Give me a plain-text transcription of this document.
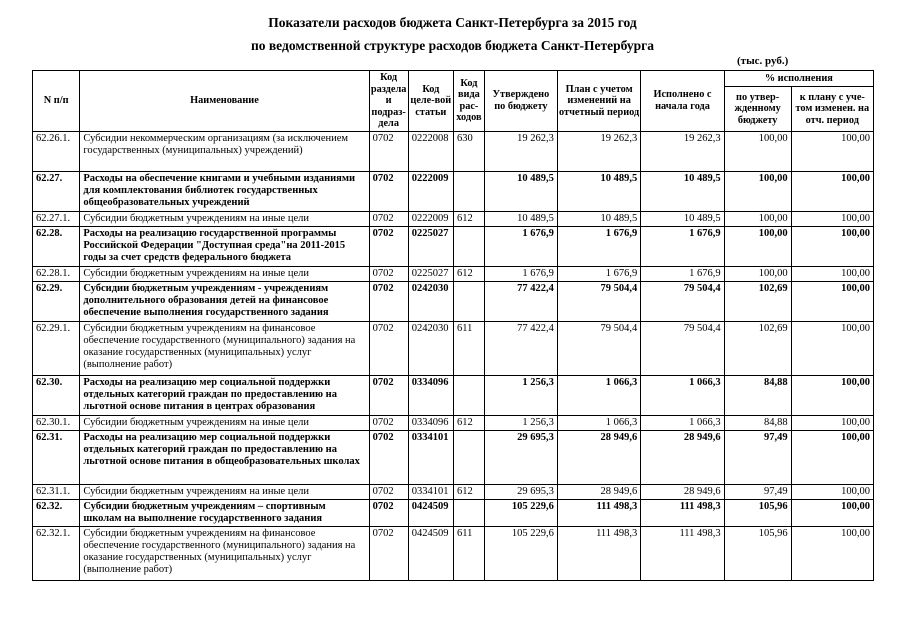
Показатели расходов бюджета Санкт-Петербурга за 2015 год
по ведомственной структуре расходов бюджета Санкт-Петербурга
(тыс. руб.)
N п/п	Наименование	Код раздела и подраз-дела	Код целе-вой статьи	Код вида рас-ходов	Утверждено по бюджету	План с учетом изменений на отчетный период	Исполнено с начала года	% исполнения	
								по утвер-жденному бюджету	к плану с уче-том изменен. на отч. период
62.26.1.	Субсидии некоммерческим организациям (за исключением государственных (муниципальных) учреждений)	0702	0222008	630	19 262,3	19 262,3	19 262,3	100,00	100,00
62.27.	Расходы на обеспечение книгами и учебными изданиями для комплектования библиотек государственных общеобразовательных учреждений	0702	0222009		10 489,5	10 489,5	10 489,5	100,00	100,00
62.27.1.	Субсидии бюджетным учреждениям на иные цели	0702	0222009	612	10 489,5	10 489,5	10 489,5	100,00	100,00
62.28.	Расходы на реализацию государственной программы Российской Федерации "Доступная среда"на 2011-2015 годы за счет средств федерального бюджета	0702	0225027		1 676,9	1 676,9	1 676,9	100,00	100,00
62.28.1.	Субсидии бюджетным учреждениям на иные цели	0702	0225027	612	1 676,9	1 676,9	1 676,9	100,00	100,00
62.29.	Субсидии бюджетным учреждениям - учреждениям дополнительного образования детей на финансовое обеспечение выполнения государственного задания	0702	0242030		77 422,4	79 504,4	79 504,4	102,69	100,00
62.29.1.	Субсидии бюджетным учреждениям на финансовое обеспечение государственного (муниципального) задания на оказание государственных (муниципальных) услуг (выполнение работ)	0702	0242030	611	77 422,4	79 504,4	79 504,4	102,69	100,00
62.30.	Расходы на реализацию мер социальной поддержки отдельных категорий граждан по предоставлению на льготной основе питания в центрах образования	0702	0334096		1 256,3	1 066,3	1 066,3	84,88	100,00
62.30.1.	Субсидии бюджетным учреждениям на иные цели	0702	0334096	612	1 256,3	1 066,3	1 066,3	84,88	100,00
62.31.	Расходы на реализацию мер социальной поддержки отдельных категорий граждан по предоставлению на льготной основе питания в общеобразовательных школах	0702	0334101		29 695,3	28 949,6	28 949,6	97,49	100,00
62.31.1.	Субсидии бюджетным учреждениям на иные цели	0702	0334101	612	29 695,3	28 949,6	28 949,6	97,49	100,00
62.32.	Субсидии бюджетным учреждениям – спортивным школам на выполнение государственного задания	0702	0424509		105 229,6	111 498,3	111 498,3	105,96	100,00
62.32.1.	Субсидии бюджетным учреждениям на финансовое обеспечение государственного (муниципального) задания на оказание государственных (муниципальных) услуг (выполнение работ)	0702	0424509	611	105 229,6	111 498,3	111 498,3	105,96	100,00
